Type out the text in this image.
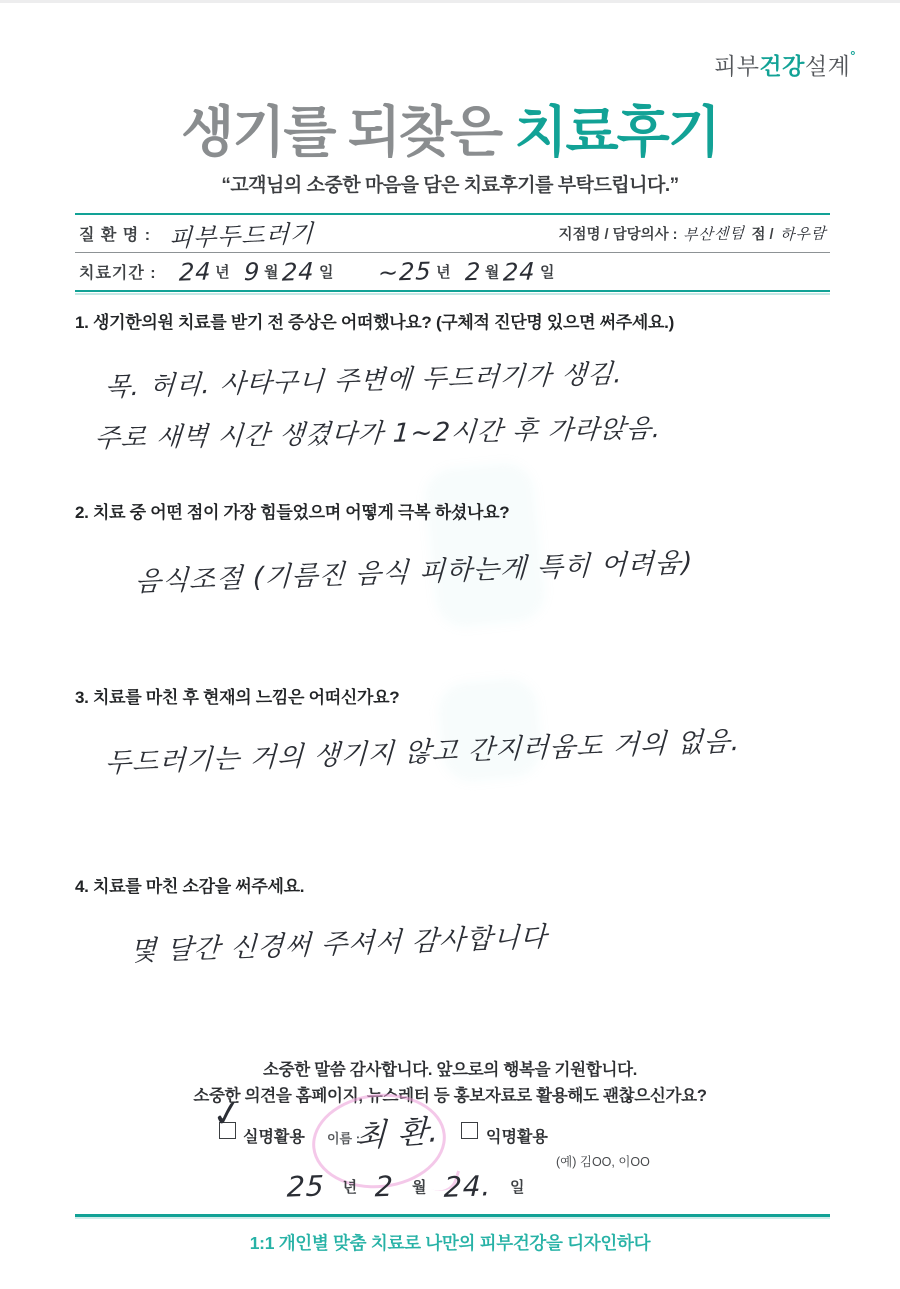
피부건강설계°
생기를 되찾은 치료후기
“고객님의 소중한 마음을 담은 치료후기를 부탁드립니다.”
질 환 명 : 피부두드러기	지점명 / 담당의사 : 부산센텀 점 / 하우람
치료기간 : 24 년 9 월 24 일 ~25 년 2 월 24 일
1. 생기한의원 치료를 받기 전 증상은 어떠했나요? (구체적 진단명 있으면 써주세요.)
목. 허리. 사타구니 주변에 두드러기가 생김.
주로 새벽 시간 생겼다가 1~2시간 후 가라앉음.
2. 치료 중 어떤 점이 가장 힘들었으며 어떻게 극복 하셨나요?
음식조절 (기름진 음식 피하는게 특히 어려움)
3. 치료를 마친 후 현재의 느낌은 어떠신가요?
두드러기는 거의 생기지 않고 간지러움도 거의 없음.
4. 치료를 마친 소감을 써주세요.
몇 달간 신경써 주셔서 감사합니다
소중한 말씀 감사합니다. 앞으로의 행복을 기원합니다.
소중한 의견을 홈페이지, 뉴스레터 등 홍보자료로 활용해도 괜찮으신가요?
✓
실명활용 이름 :
최 환.	익명활용
(예) 김OO, 이OO
25 년 2 월 24. 일
1:1 개인별 맞춤 치료로 나만의 피부건강을 디자인하다
